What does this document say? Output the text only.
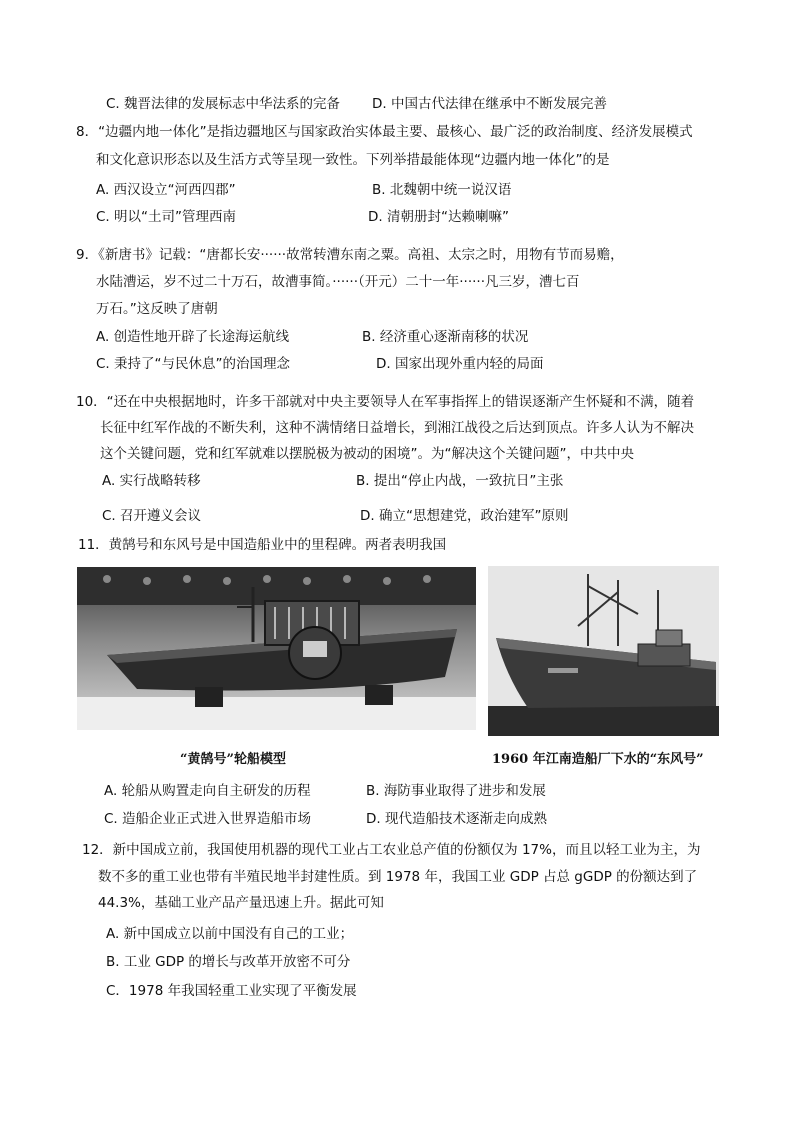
C. 魏晋法律的发展标志中华法系的完备 D. 中国古代法律在继承中不断发展完善
8．“边疆内地一体化”是指边疆地区与国家政治实体最主要、最核心、最广泛的政治制度、经济发展模式
和文化意识形态以及生活方式等呈现一致性。下列举措最能体现“边疆内地一体化”的是
A. 西汉设立“河西四郡”	B. 北魏朝中统一说汉语
C. 明以“土司”管理西南	D. 清朝册封“达赖喇嘛”
9．《新唐书》记载：“唐都长安······故常转漕东南之粟。高祖、太宗之时，用物有节而易赡，
水陆漕运，岁不过二十万石，故漕事简。······（开元）二十一年······凡三岁，漕七百
万石。”这反映了唐朝
A. 创造性地开辟了长途海运航线	B. 经济重心逐渐南移的状况
C. 秉持了“与民休息”的治国理念	D. 国家出现外重内轻的局面
10．“还在中央根据地时，许多干部就对中央主要领导人在军事指挥上的错误逐渐产生怀疑和不满，随着
长征中红军作战的不断失利，这种不满情绪日益增长，到湘江战役之后达到顶点。许多人认为不解决
这个关键问题，党和红军就难以摆脱极为被动的困境”。为“解决这个关键问题”，中共中央
A. 实行战略转移	B. 提出“停止内战，一致抗日”主张
C. 召开遵义会议	D. 确立“思想建党，政治建军”原则
11．黄鹄号和东风号是中国造船业中的里程碑。两者表明我国
“黄鹄号”轮船模型	1960 年江南造船厂下水的“东风号”
A. 轮船从购置走向自主研发的历程	B. 海防事业取得了进步和发展
C. 造船企业正式进入世界造船市场	D. 现代造船技术逐渐走向成熟
12．新中国成立前，我国使用机器的现代工业占工农业总产值的份额仅为 17%，而且以轻工业为主，为
数不多的重工业也带有半殖民地半封建性质。到 1978 年，我国工业 GDP 占总 gGDP 的份额达到了
44.3%，基础工业产品产量迅速上升。据此可知
A. 新中国成立以前中国没有自己的工业；
B. 工业 GDP 的增长与改革开放密不可分
C．1978 年我国轻重工业实现了平衡发展
